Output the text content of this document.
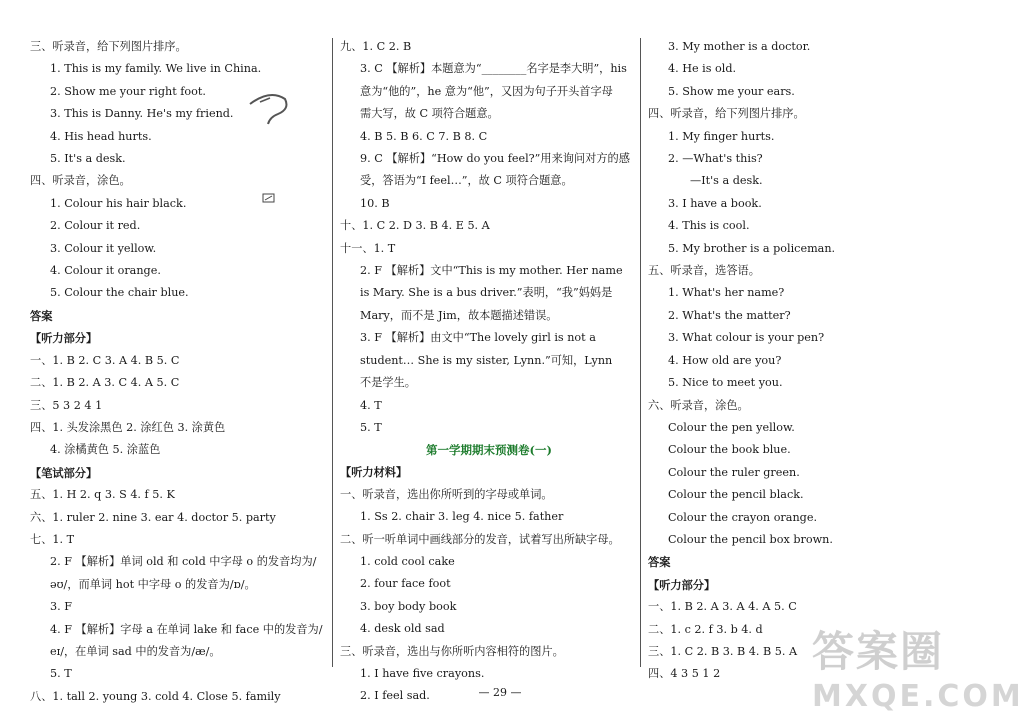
三、听录音，给下列图片排序。
1. This is my family. We live in China.
2. Show me your right foot.
3. This is Danny. He's my friend.
4. His head hurts.
5. It's a desk.
四、听录音，涂色。
1. Colour his hair black.
2. Colour it red.
3. Colour it yellow.
4. Colour it orange.
5. Colour the chair blue.
答案
【听力部分】
一、1. B 2. C 3. A 4. B 5. C
二、1. B 2. A 3. C 4. A 5. C
三、5 3 2 4 1
四、1. 头发涂黑色 2. 涂红色 3. 涂黄色
4. 涂橘黄色 5. 涂蓝色
【笔试部分】
五、1. H 2. q 3. S 4. f 5. K
六、1. ruler 2. nine 3. ear 4. doctor 5. party
七、1. T
2. F 【解析】单词 old 和 cold 中字母 o 的发音均为/
əʊ/，而单词 hot 中字母 o 的发音为/ɒ/。
3. F
4. F 【解析】字母 a 在单词 lake 和 face 中的发音为/
eɪ/，在单词 sad 中的发音为/æ/。
5. T
八、1. tall 2. young 3. cold 4. Close 5. family
九、1. C 2. B
3. C 【解析】本题意为“________名字是李大明”，his
意为“他的”，he 意为“他”，又因为句子开头首字母
需大写，故 C 项符合题意。
4. B 5. B 6. C 7. B 8. C
9. C 【解析】“How do you feel?”用来询问对方的感
受，答语为“I feel…”，故 C 项符合题意。
10. B
十、1. C 2. D 3. B 4. E 5. A
十一、1. T
2. F 【解析】文中“This is my mother. Her name
is Mary. She is a bus driver.”表明，“我”妈妈是
Mary，而不是 Jim，故本题描述错误。
3. F 【解析】由文中“The lovely girl is not a
student… She is my sister, Lynn.”可知，Lynn
不是学生。
4. T
5. T
第一学期期末预测卷(一)
【听力材料】
一、听录音，选出你所听到的字母或单词。
1. Ss 2. chair 3. leg 4. nice 5. father
二、听一听单词中画线部分的发音，试着写出所缺字母。
1. cold cool cake
2. four face foot
3. boy body book
4. desk old sad
三、听录音，选出与你所听内容相符的图片。
1. I have five crayons.
2. I feel sad.
3. My mother is a doctor.
4. He is old.
5. Show me your ears.
四、听录音，给下列图片排序。
1. My finger hurts.
2. —What's this?
—It's a desk.
3. I have a book.
4. This is cool.
5. My brother is a policeman.
五、听录音，选答语。
1. What's her name?
2. What's the matter?
3. What colour is your pen?
4. How old are you?
5. Nice to meet you.
六、听录音，涂色。
Colour the pen yellow.
Colour the book blue.
Colour the ruler green.
Colour the pencil black.
Colour the crayon orange.
Colour the pencil box brown.
答案
【听力部分】
一、1. B 2. A 3. A 4. A 5. C
二、1. c 2. f 3. b 4. d
三、1. C 2. B 3. B 4. B 5. A
四、4 3 5 1 2
— 29 —
答案圈
MXQE.COM
